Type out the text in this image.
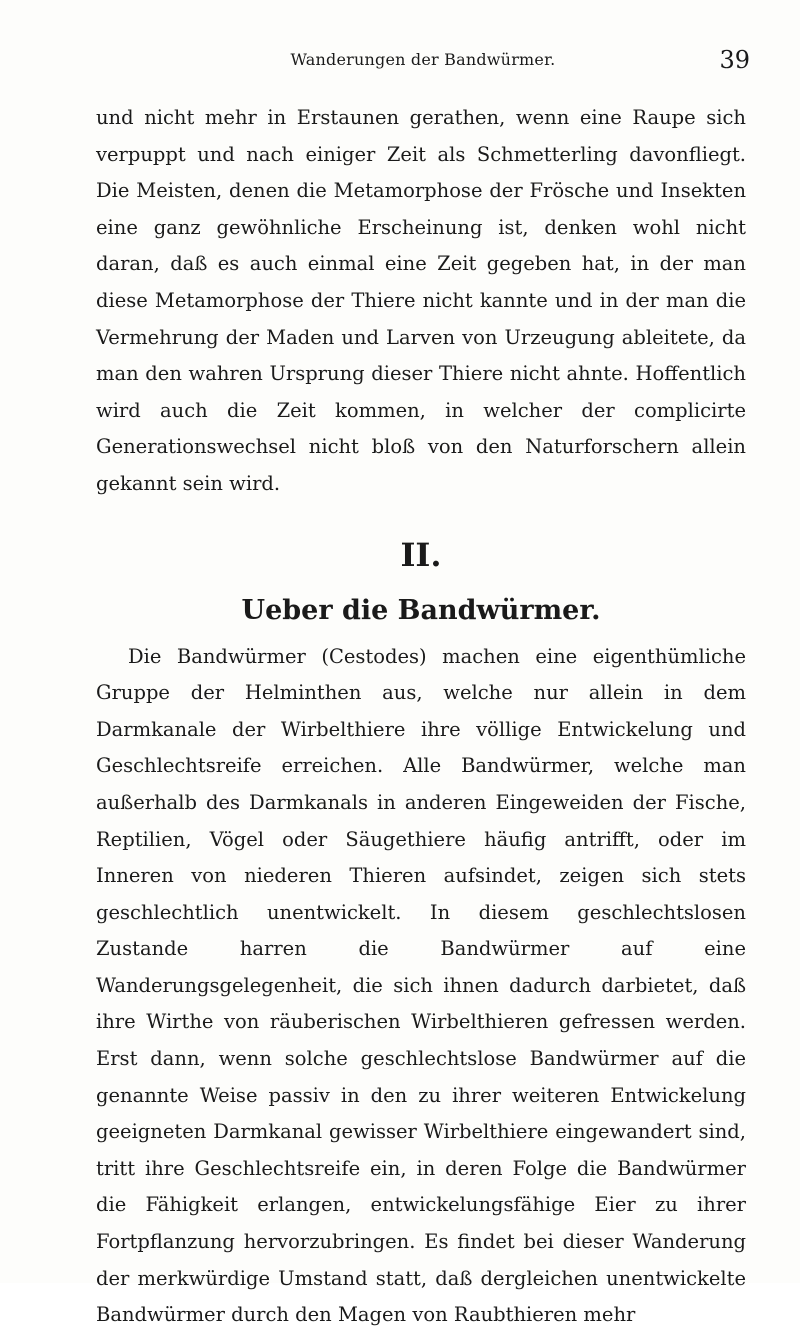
Wanderungen der Bandwürmer.	39

und nicht mehr in Erstaunen gerathen, wenn eine Raupe sich verpuppt und nach einiger Zeit als Schmetterling davonfliegt. Die Meisten, denen die Metamorphose der Frösche und Insekten eine ganz gewöhnliche Erscheinung ist, denken wohl nicht daran, daß es auch einmal eine Zeit gegeben hat, in der man diese Metamorphose der Thiere nicht kannte und in der man die Vermehrung der Maden und Larven von Urzeugung ableitete, da man den wahren Ursprung dieser Thiere nicht ahnte. Hoffentlich wird auch die Zeit kommen, in welcher der complicirte Generationswechsel nicht bloß von den Naturforschern allein gekannt sein wird.

II.
Ueber die Bandwürmer.

Die Bandwürmer (Cestodes) machen eine eigenthümliche Gruppe der Helminthen aus, welche nur allein in dem Darmkanale der Wirbelthiere ihre völlige Entwickelung und Geschlechtsreife erreichen. Alle Bandwürmer, welche man außerhalb des Darmkanals in anderen Eingeweiden der Fische, Reptilien, Vögel oder Säugethiere häufig antrifft, oder im Inneren von niederen Thieren aufsindet, zeigen sich stets geschlechtlich unentwickelt. In diesem geschlechtslosen Zustande harren die Bandwürmer auf eine Wanderungsgelegenheit, die sich ihnen dadurch darbietet, daß ihre Wirthe von räuberischen Wirbelthieren gefressen werden. Erst dann, wenn solche geschlechtslose Bandwürmer auf die genannte Weise passiv in den zu ihrer weiteren Entwickelung geeigneten Darmkanal gewisser Wirbelthiere eingewandert sind, tritt ihre Geschlechtsreife ein, in deren Folge die Bandwürmer die Fähigkeit erlangen, entwickelungsfähige Eier zu ihrer Fortpflanzung hervorzubringen. Es findet bei dieser Wanderung der merkwürdige Umstand statt, daß dergleichen unentwickelte Bandwürmer durch den Magen von Raubthieren mehr
